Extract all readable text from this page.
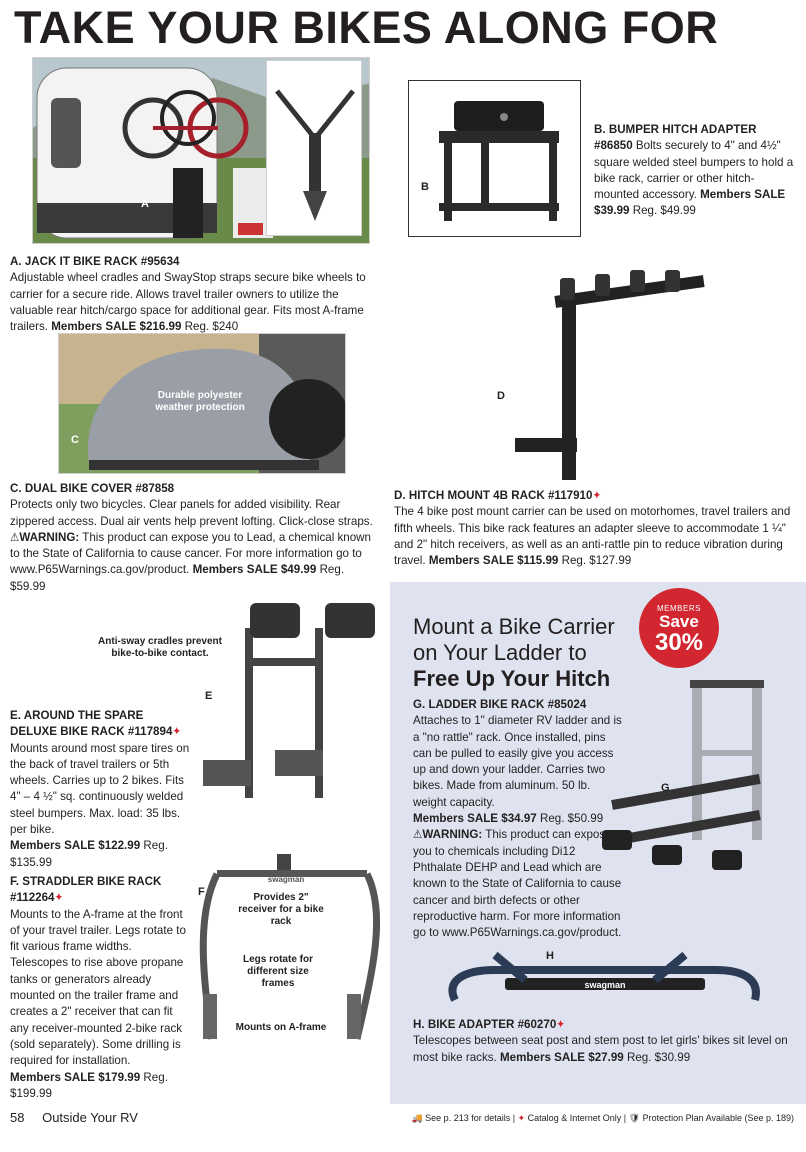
TAKE YOUR BIKES ALONG FOR
A
B
B. BUMPER HITCH ADAPTER #86850 Bolts securely to 4" and 4½" square welded steel bumpers to hold a bike rack, carrier or other hitch-mounted accessory. Members SALE $39.99 Reg. $49.99
A. JACK IT BIKE RACK #95634
Adjustable wheel cradles and SwayStop straps secure bike wheels to carrier for a secure ride. Allows travel trailer owners to utilize the valuable rear hitch/cargo space for additional gear. Fits most A-frame trailers. Members SALE $216.99 Reg. $240
Durable polyester weather protection
C
C. DUAL BIKE COVER #87858
Protects only two bicycles. Clear panels for added visibility. Rear zippered access. Dual air vents help prevent lofting. Click-close straps.
⚠WARNING: This product can expose you to Lead, a chemical known to the State of California to cause cancer. For more information go to www.P65Warnings.ca.gov/product. Members SALE $49.99 Reg. $59.99
D
D. HITCH MOUNT 4B RACK #117910✦
The 4 bike post mount carrier can be used on motorhomes, travel trailers and fifth wheels. This bike rack features an adapter sleeve to accommodate 1 ¼" and 2" hitch receivers, as well as an anti-rattle pin to reduce vibration during travel. Members SALE $115.99 Reg. $127.99
E
Anti-sway cradles prevent bike-to-bike contact.
E. AROUND THE SPARE
DELUXE BIKE RACK #117894✦
Mounts around most spare tires on the back of travel trailers or 5th wheels. Carries up to 2 bikes. Fits 4" – 4 ½" sq. continuously welded steel bumpers. Max. load: 35 lbs. per bike.
Members SALE $122.99 Reg. $135.99
F
swagman
Provides 2" receiver for a bike rack
Legs rotate for different size frames
Mounts on A-frame
F. STRADDLER BIKE RACK #112264✦
Mounts to the A-frame at the front of your travel trailer. Legs rotate to fit various frame widths. Telescopes to rise above propane tanks or generators already mounted on the trailer frame and creates a 2" receiver that can fit any receiver-mounted 2-bike rack (sold separately). Some drilling is required for installation.
Members SALE $179.99 Reg. $199.99
Mount a Bike Carrier
on Your Ladder to
Free Up Your Hitch
MEMBERS
Save
30%
G
G. LADDER BIKE RACK #85024
Attaches to 1" diameter RV ladder and is a "no rattle" rack. Once installed, pins can be pulled to easily give you access up and down your ladder. Carries two bikes. Made from aluminum. 50 lb. weight capacity.
Members SALE $34.97 Reg. $50.99
⚠WARNING: This product can expose you to chemicals including Di12 Phthalate DEHP and Lead which are known to the State of California to cause cancer and birth defects or other reproductive harm. For more information go to www.P65Warnings.ca.gov/product.
H
swagman
H. BIKE ADAPTER #60270✦
Telescopes between seat post and stem post to let girls' bikes sit level on most bike racks. Members SALE $27.99 Reg. $30.99
58 Outside Your RV	🚚 See p. 213 for details | ✦ Catalog & Internet Only | 🛡 Protection Plan Available (See p. 189)
